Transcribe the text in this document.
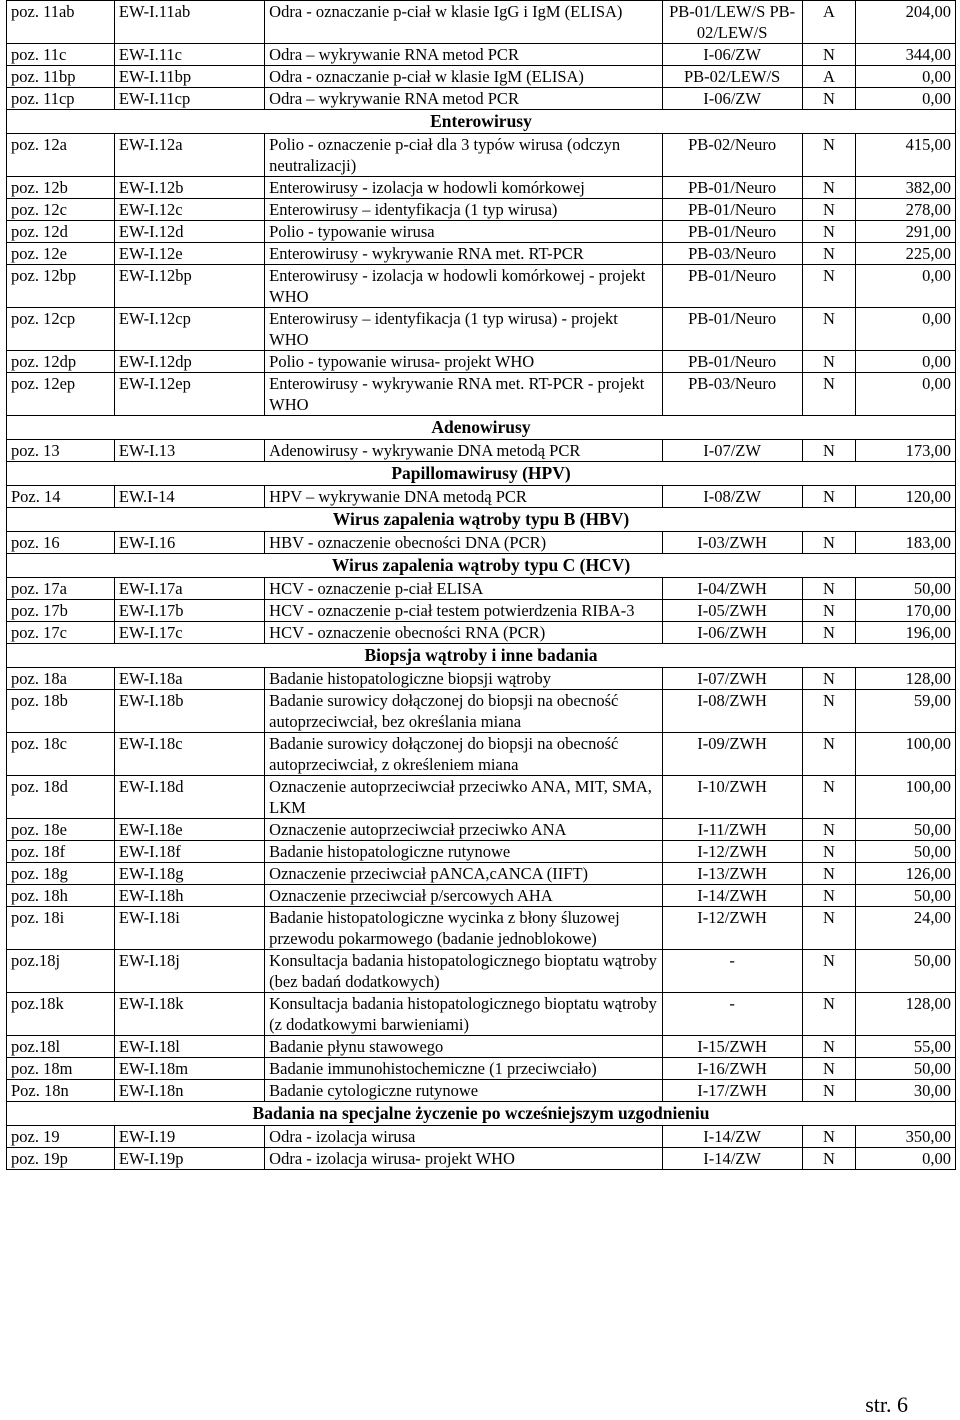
poz. 11ab	EW-I.11ab	Odra - oznaczanie p-ciał w klasie IgG i IgM (ELISA)	PB-01/LEW/S PB-02/LEW/S	A	204,00
poz. 11c	EW-I.11c	Odra – wykrywanie RNA metod PCR	I-06/ZW	N	344,00
poz. 11bp	EW-I.11bp	Odra - oznaczanie p-ciał w klasie IgM (ELISA)	PB-02/LEW/S	A	0,00
poz. 11cp	EW-I.11cp	Odra – wykrywanie RNA metod PCR	I-06/ZW	N	0,00
Enterowirusy					
poz. 12a	EW-I.12a	Polio - oznaczenie p-ciał dla 3 typów wirusa (odczyn neutralizacji)	PB-02/Neuro	N	415,00
poz. 12b	EW-I.12b	Enterowirusy - izolacja w hodowli komórkowej	PB-01/Neuro	N	382,00
poz. 12c	EW-I.12c	Enterowirusy – identyfikacja (1 typ wirusa)	PB-01/Neuro	N	278,00
poz. 12d	EW-I.12d	Polio - typowanie wirusa	PB-01/Neuro	N	291,00
poz. 12e	EW-I.12e	Enterowirusy - wykrywanie RNA met. RT-PCR	PB-03/Neuro	N	225,00
poz. 12bp	EW-I.12bp	Enterowirusy - izolacja w hodowli komórkowej - projekt WHO	PB-01/Neuro	N	0,00
poz. 12cp	EW-I.12cp	Enterowirusy – identyfikacja (1 typ wirusa) - projekt WHO	PB-01/Neuro	N	0,00
poz. 12dp	EW-I.12dp	Polio - typowanie wirusa- projekt WHO	PB-01/Neuro	N	0,00
poz. 12ep	EW-I.12ep	Enterowirusy - wykrywanie RNA met. RT-PCR - projekt WHO	PB-03/Neuro	N	0,00
Adenowirusy					
poz. 13	EW-I.13	Adenowirusy - wykrywanie DNA metodą PCR	I-07/ZW	N	173,00
Papillomawirusy (HPV)					
Poz. 14	EW.I-14	HPV – wykrywanie DNA metodą PCR	I-08/ZW	N	120,00
Wirus zapalenia wątroby typu B (HBV)					
poz. 16	EW-I.16	HBV - oznaczenie obecności DNA (PCR)	I-03/ZWH	N	183,00
Wirus zapalenia wątroby typu C (HCV)					
poz. 17a	EW-I.17a	HCV - oznaczenie p-ciał ELISA	I-04/ZWH	N	50,00
poz. 17b	EW-I.17b	HCV - oznaczenie p-ciał testem potwierdzenia RIBA-3	I-05/ZWH	N	170,00
poz. 17c	EW-I.17c	HCV - oznaczenie obecności RNA (PCR)	I-06/ZWH	N	196,00
Biopsja wątroby i inne badania					
poz. 18a	EW-I.18a	Badanie histopatologiczne biopsji wątroby	I-07/ZWH	N	128,00
poz. 18b	EW-I.18b	Badanie surowicy dołączonej do biopsji na obecność autoprzeciwciał, bez określania miana	I-08/ZWH	N	59,00
poz. 18c	EW-I.18c	Badanie surowicy dołączonej do biopsji na obecność autoprzeciwciał, z określeniem miana	I-09/ZWH	N	100,00
poz. 18d	EW-I.18d	Oznaczenie autoprzeciwciał przeciwko ANA, MIT, SMA, LKM	I-10/ZWH	N	100,00
poz. 18e	EW-I.18e	Oznaczenie autoprzeciwciał przeciwko ANA	I-11/ZWH	N	50,00
poz. 18f	EW-I.18f	Badanie histopatologiczne rutynowe	I-12/ZWH	N	50,00
poz. 18g	EW-I.18g	Oznaczenie przeciwciał pANCA,cANCA (IIFT)	I-13/ZWH	N	126,00
poz. 18h	EW-I.18h	Oznaczenie przeciwciał p/sercowych AHA	I-14/ZWH	N	50,00
poz. 18i	EW-I.18i	Badanie histopatologiczne wycinka z błony śluzowej przewodu pokarmowego (badanie jednoblokowe)	I-12/ZWH	N	24,00
poz.18j	EW-I.18j	Konsultacja badania histopatologicznego bioptatu wątroby (bez badań dodatkowych)	-	N	50,00
poz.18k	EW-I.18k	Konsultacja badania histopatologicznego bioptatu wątroby (z dodatkowymi barwieniami)	-	N	128,00
poz.18l	EW-I.18l	Badanie płynu stawowego	I-15/ZWH	N	55,00
poz. 18m	EW-I.18m	Badanie immunohistochemiczne (1 przeciwciało)	I-16/ZWH	N	50,00
Poz. 18n	EW-I.18n	Badanie cytologiczne rutynowe	I-17/ZWH	N	30,00
Badania na specjalne życzenie po wcześniejszym uzgodnieniu					
poz. 19	EW-I.19	Odra - izolacja wirusa	I-14/ZW	N	350,00
poz. 19p	EW-I.19p	Odra - izolacja wirusa- projekt WHO	I-14/ZW	N	0,00
str. 6
